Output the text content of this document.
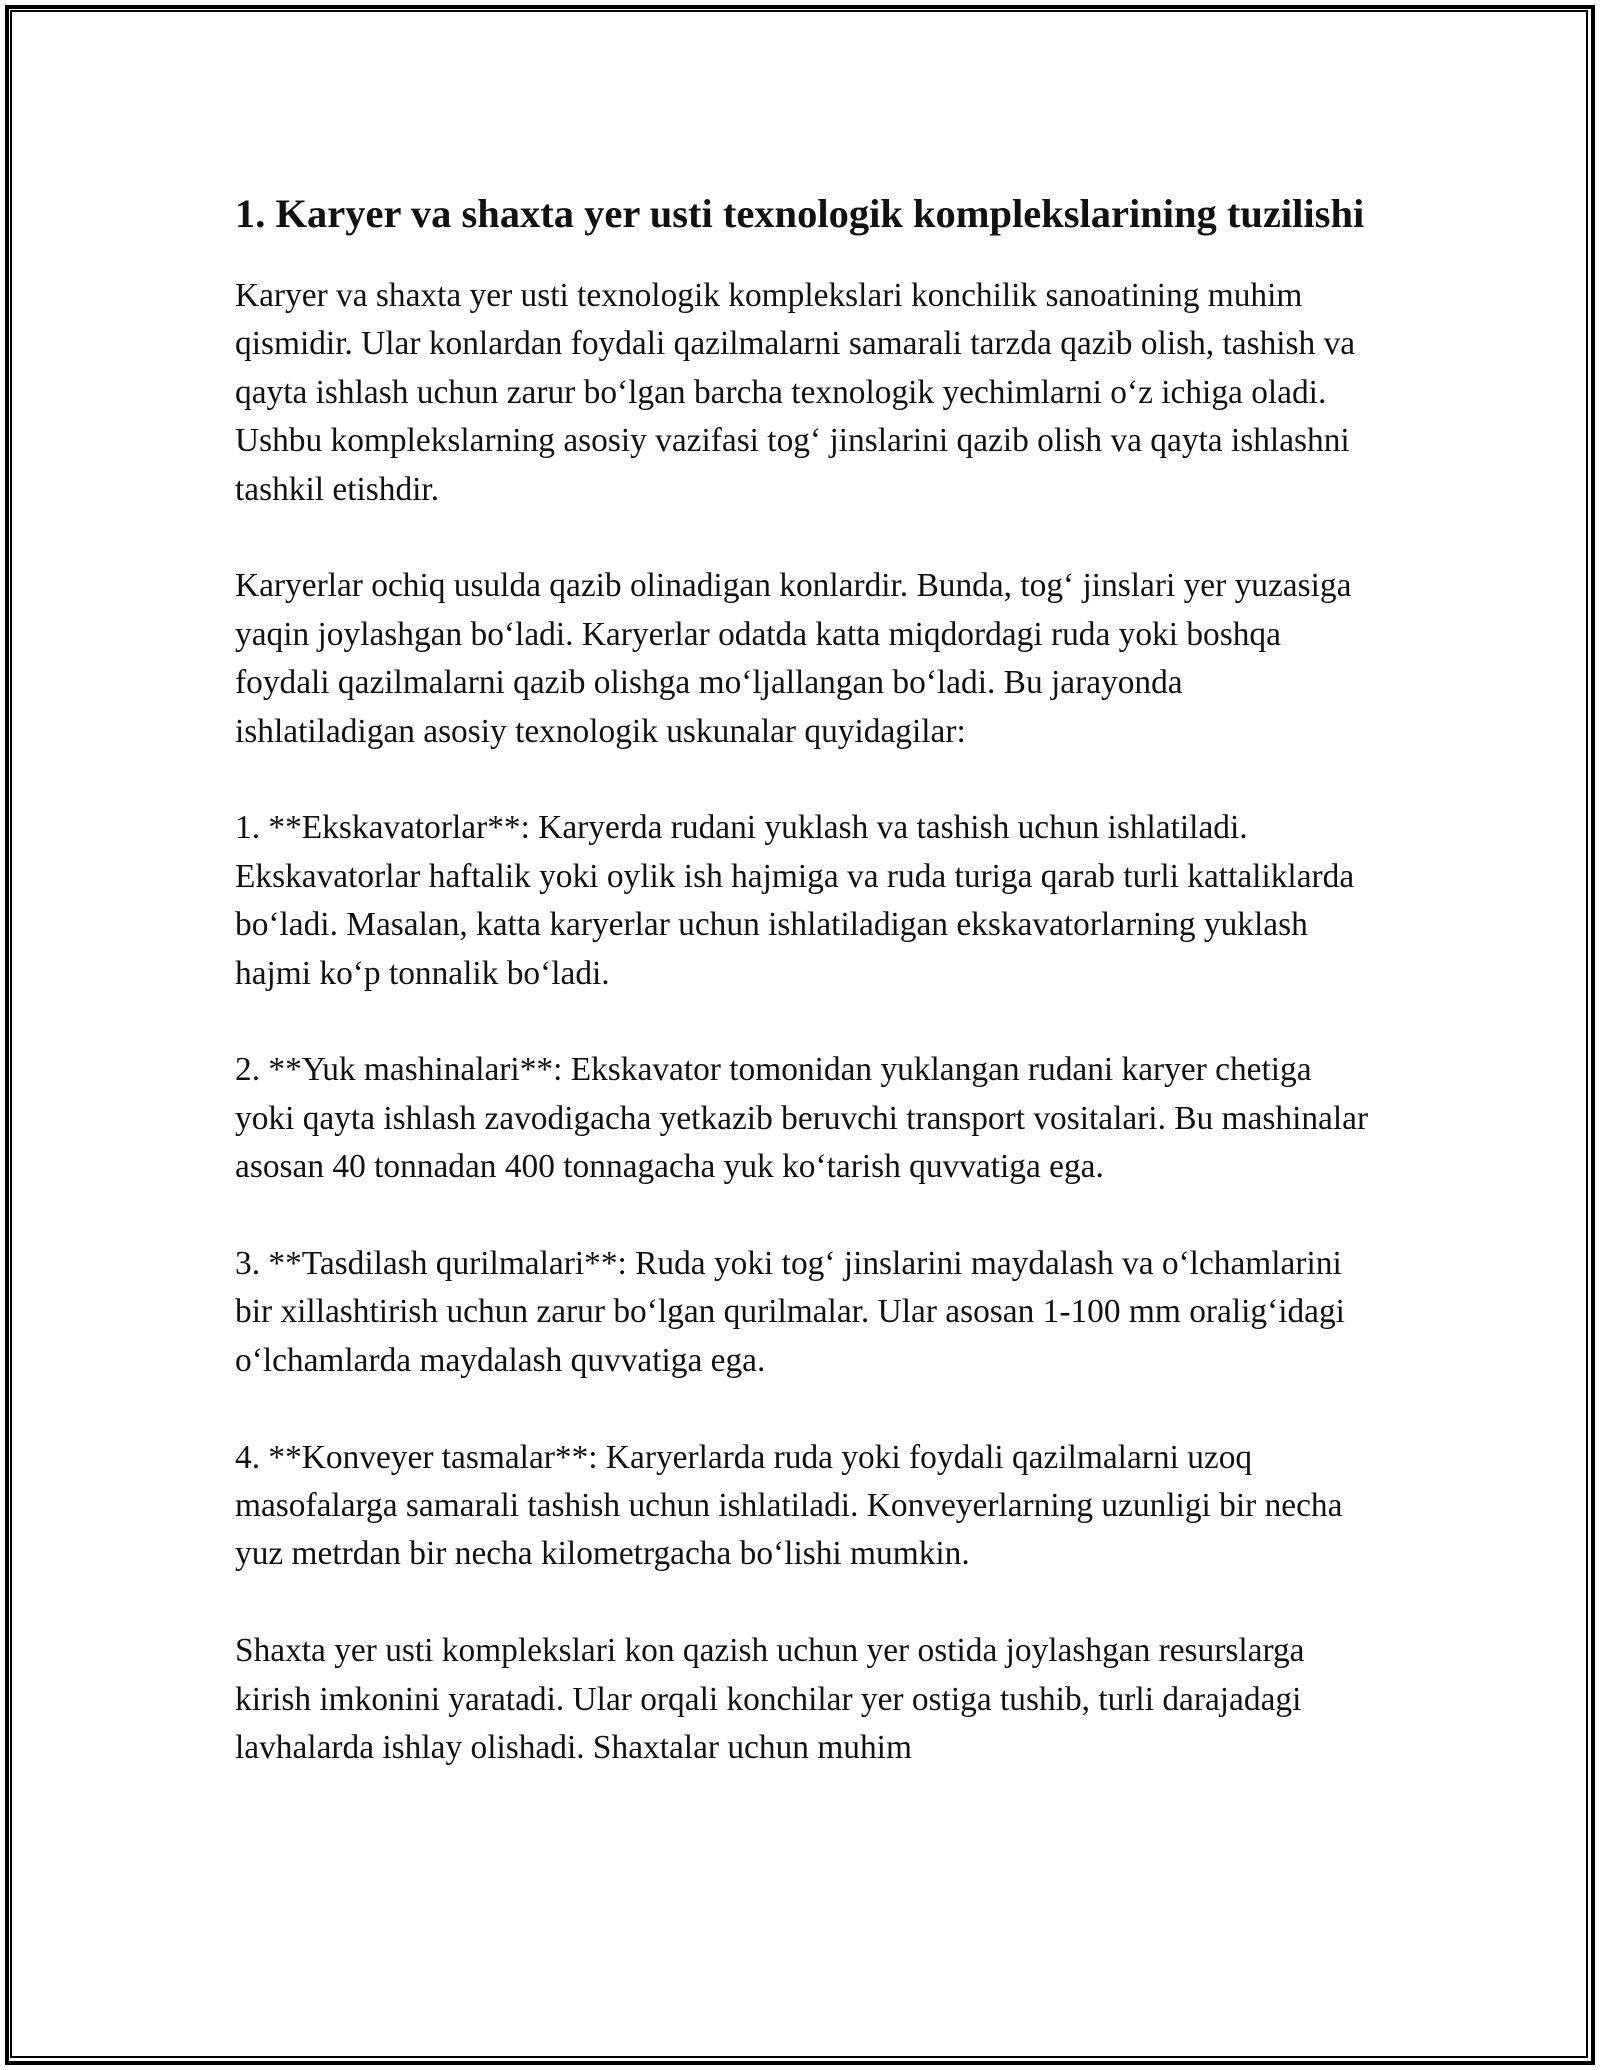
1. Karyer va shaxta yer usti texnologik komplekslarining tuzilishi

Karyer va shaxta yer usti texnologik komplekslari konchilik sanoatining muhim qismidir. Ular konlardan foydali qazilmalarni samarali tarzda qazib olish, tashish va qayta ishlash uchun zarur boʻlgan barcha texnologik yechimlarni oʻz ichiga oladi. Ushbu komplekslarning asosiy vazifasi togʻ jinslarini qazib olish va qayta ishlashni tashkil etishdir.

Karyerlar ochiq usulda qazib olinadigan konlardir. Bunda, togʻ jinslari yer yuzasiga yaqin joylashgan boʻladi. Karyerlar odatda katta miqdordagi ruda yoki boshqa foydali qazilmalarni qazib olishga moʻljallangan boʻladi. Bu jarayonda ishlatiladigan asosiy texnologik uskunalar quyidagilar:

1. **Ekskavatorlar**: Karyerda rudani yuklash va tashish uchun ishlatiladi. Ekskavatorlar haftalik yoki oylik ish hajmiga va ruda turiga qarab turli kattaliklarda boʻladi. Masalan, katta karyerlar uchun ishlatiladigan ekskavatorlarning yuklash hajmi koʻp tonnalik boʻladi.

2. **Yuk mashinalari**: Ekskavator tomonidan yuklangan rudani karyer chetiga yoki qayta ishlash zavodigacha yetkazib beruvchi transport vositalari. Bu mashinalar asosan 40 tonnadan 400 tonnagacha yuk koʻtarish quvvatiga ega.

3. **Tasdilash qurilmalari**: Ruda yoki togʻ jinslarini maydalash va oʻlchamlarini bir xillashtirish uchun zarur boʻlgan qurilmalar. Ular asosan 1-100 mm oraligʻidagi oʻlchamlarda maydalash quvvatiga ega.

4. **Konveyer tasmalar**: Karyerlarda ruda yoki foydali qazilmalarni uzoq masofalarga samarali tashish uchun ishlatiladi. Konveyerlarning uzunligi bir necha yuz metrdan bir necha kilometrgacha boʻlishi mumkin.

Shaxta yer usti komplekslari kon qazish uchun yer ostida joylashgan resurslarga kirish imkonini yaratadi. Ular orqali konchilar yer ostiga tushib, turli darajadagi lavhalarda ishlay olishadi. Shaxtalar uchun muhim
